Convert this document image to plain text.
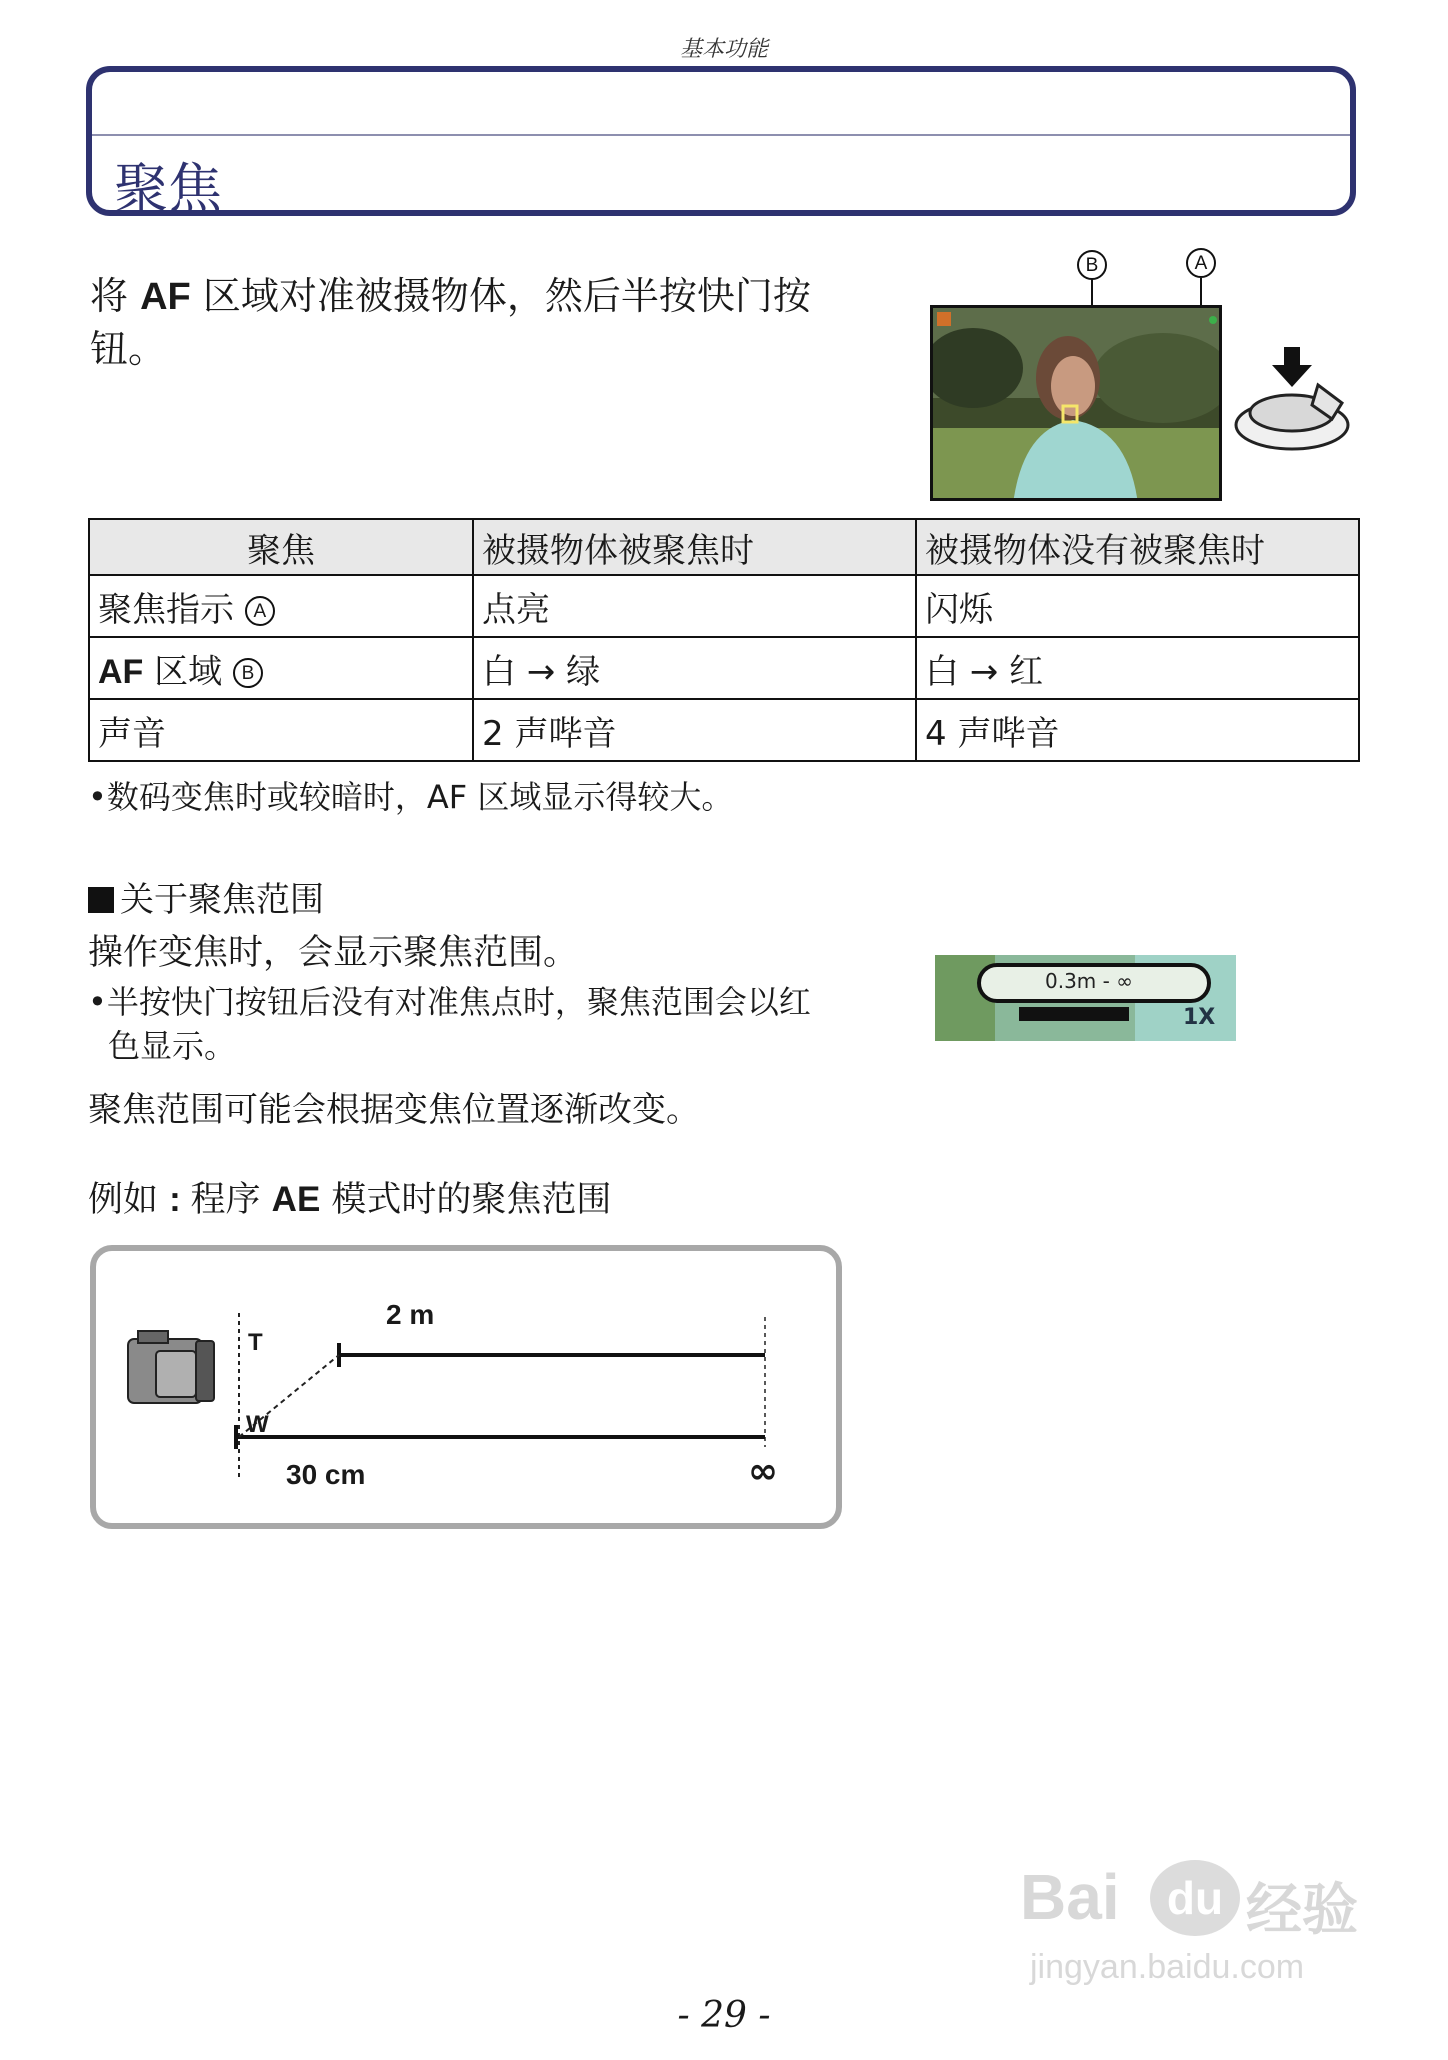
基本功能
聚焦
将 AF 区域对准被摄物体，然后半按快门按
钮。
B	A
聚焦	被摄物体被聚焦时	被摄物体没有被聚焦时
聚焦指示 A	点亮	闪烁
AF 区域 B	白 → 绿	白 → 红
声音	2 声哔音	4 声哔音
•数码变焦时或较暗时，AF 区域显示得较大。
关于聚焦范围
操作变焦时，会显示聚焦范围。
•半按快门按钮后没有对准焦点时，聚焦范围会以红
色显示。
聚焦范围可能会根据变焦位置逐渐改变。
0.3m - ∞
1X
例如 : 程序 AE 模式时的聚焦范围
T
W
2 m
30 cm	∞
Bai	du 经验
jingyan.baidu.com
- 29 -
